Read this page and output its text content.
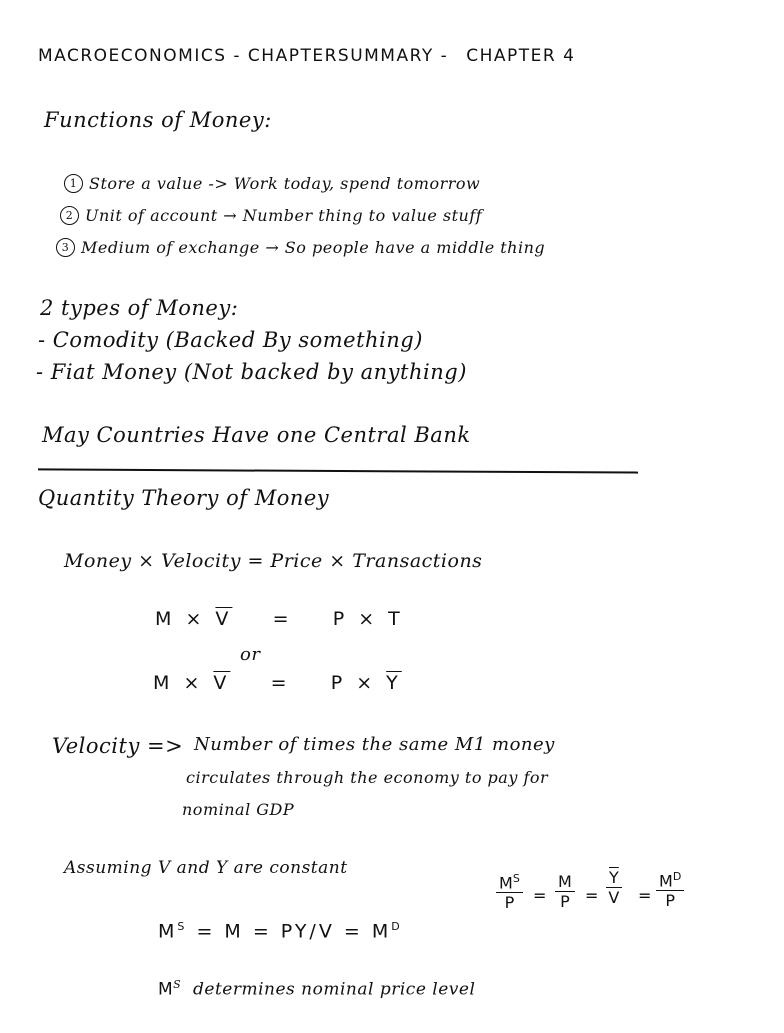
MACROECONOMICS - CHAPTERSUMMARY - CHAPTER 4
Functions of Money:
1 Store a value -> Work today, spend tomorrow
2 Unit of account → Number thing to value stuff
3 Medium of exchange → So people have a middle thing
2 types of Money:
- Comodity (Backed By something)
- Fiat Money (Not backed by anything)
May Countries Have one Central Bank
Quantity Theory of Money
Money × Velocity = Price × Transactions
$M \times \overline{V} = P \times T$
or
$M \times \overline{V} = P \times \overline{Y}$
Velocity => Number of times the same M1 money
circulates through the economy to pay for
nominal GDP
Assuming V and Y are constant
$\frac{M^S}{P} = \frac{M}{P} = \frac{\overline{Y}}{V} = \frac{M^D}{P}$
$M^S = M = PY/V = M^D$
$M^S$ determines nominal price level
